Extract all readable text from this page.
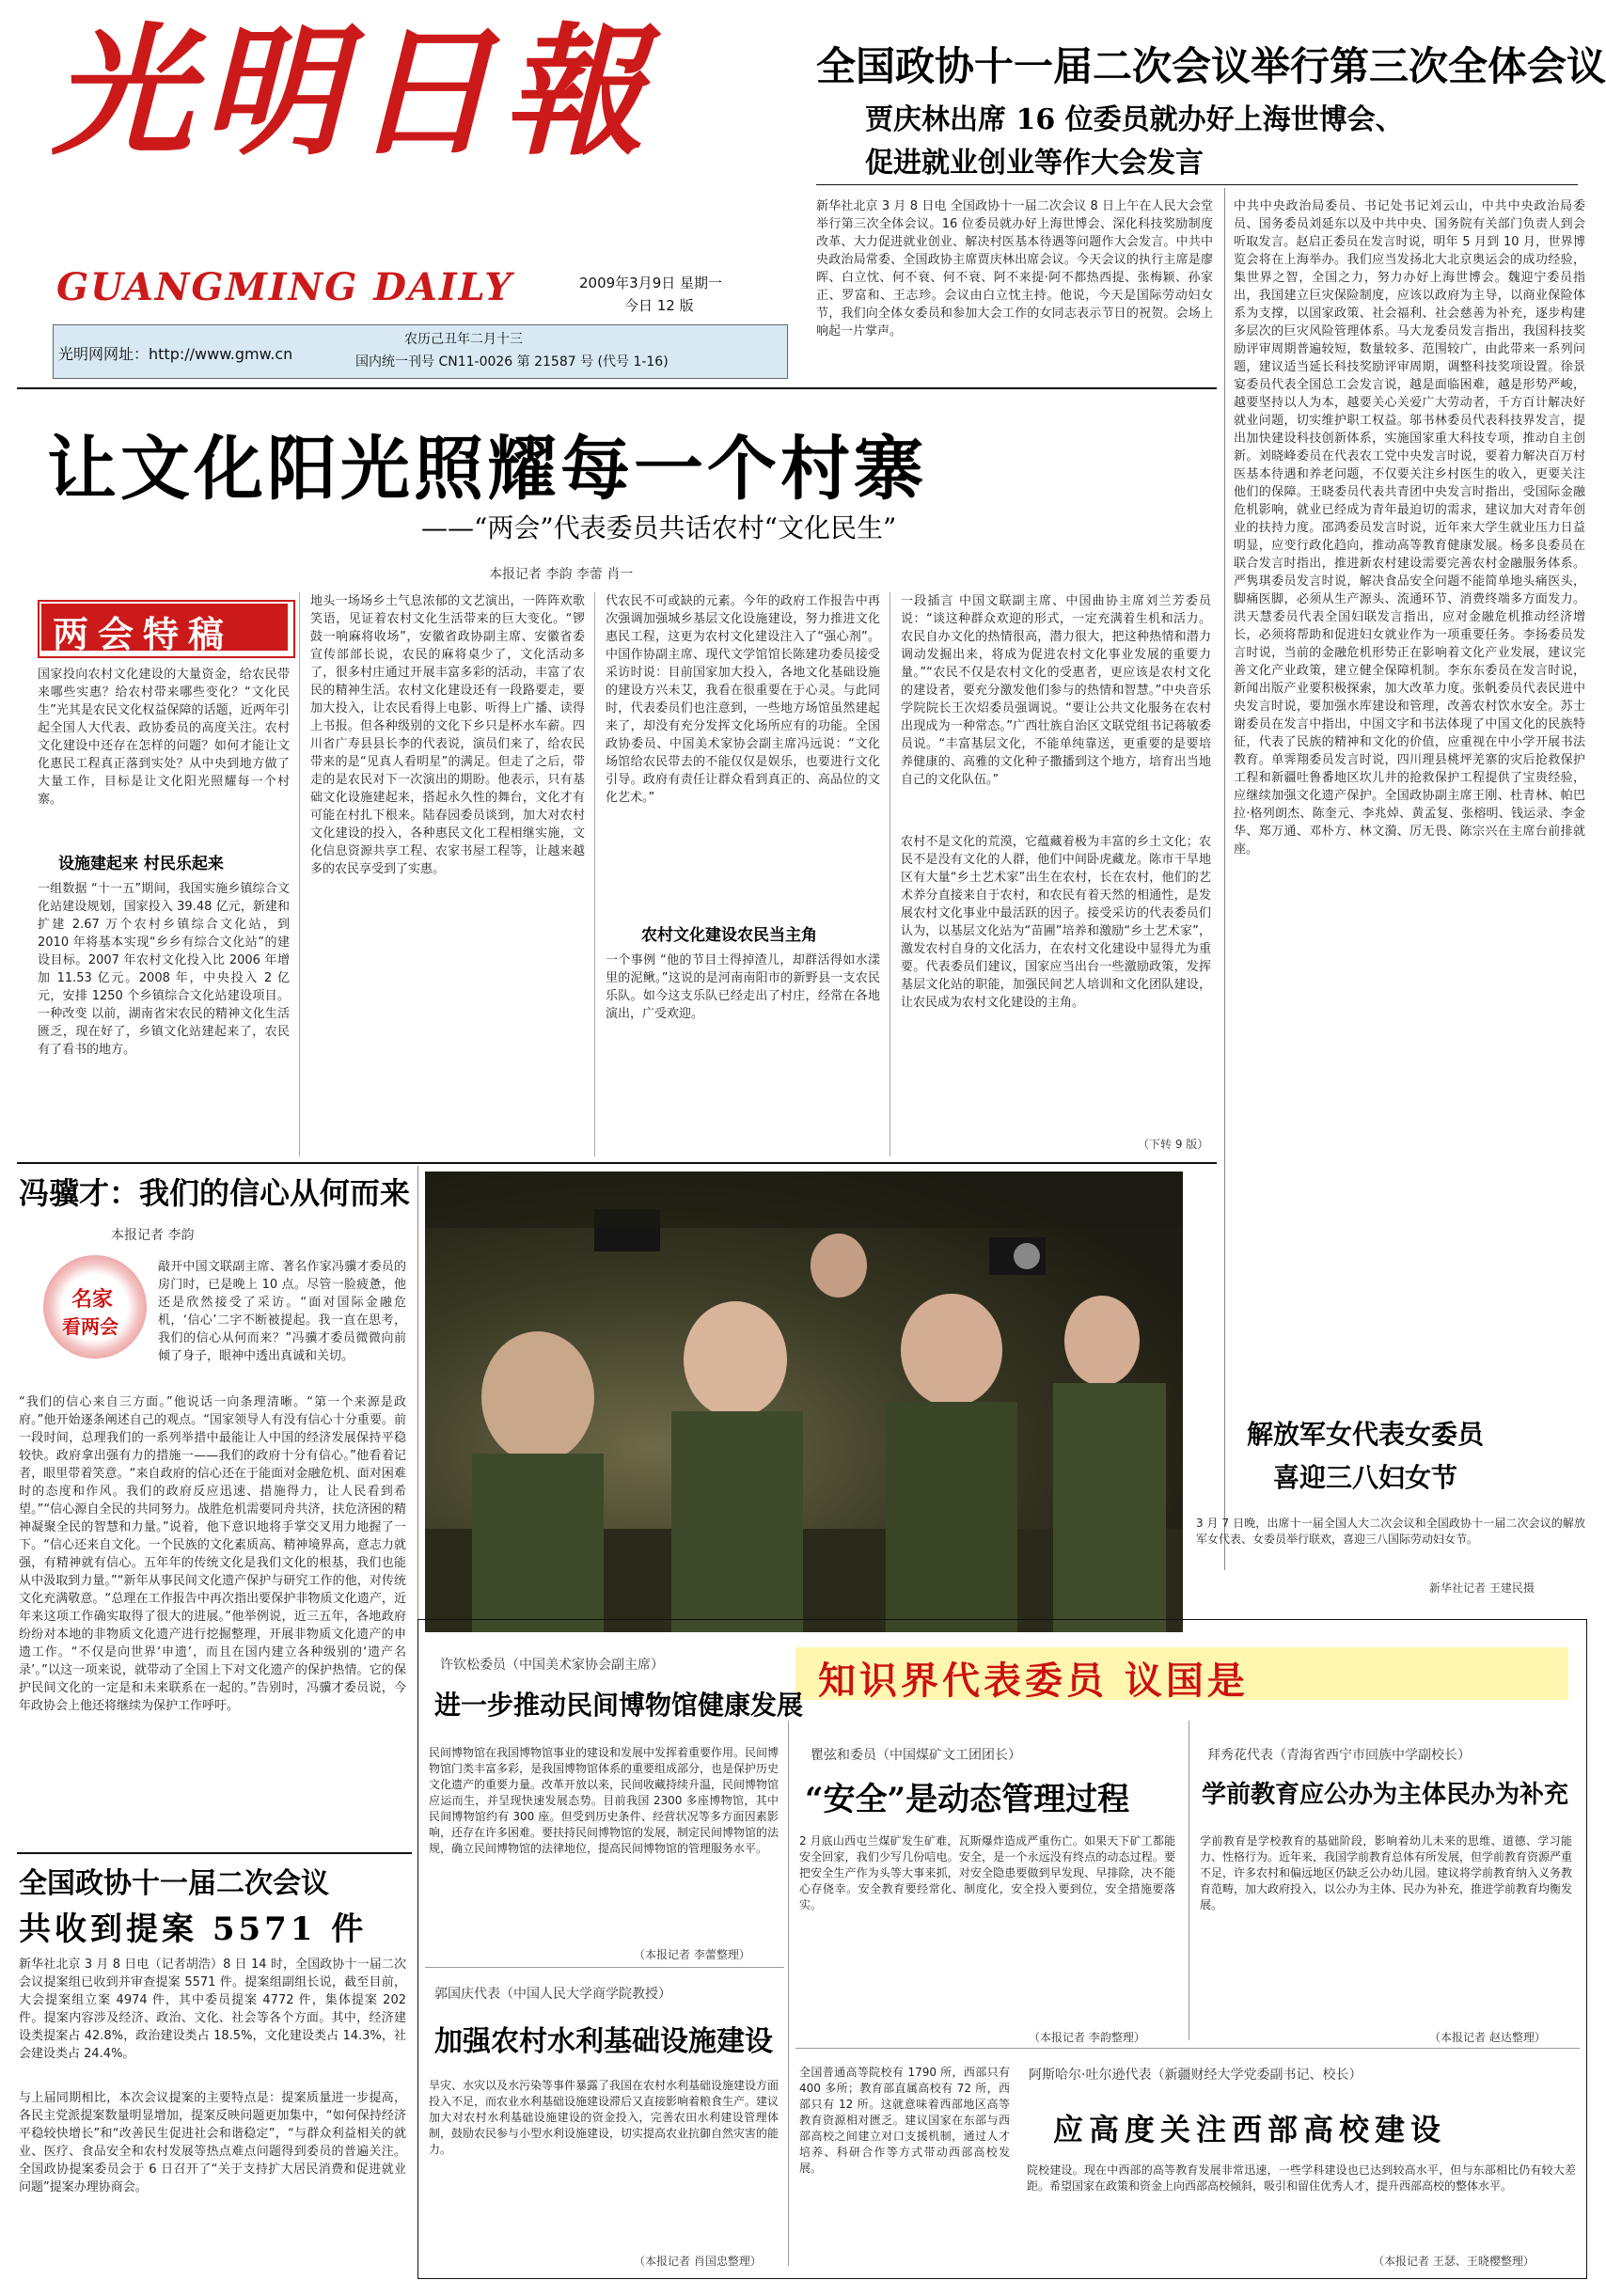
光明日報
GUANGMING DAILY	2009年3月9日 星期一
今日 12 版
光明网网址：http://www.gmw.cn
农历己丑年二月十三
国内统一刊号 CN11-0026 第 21587 号 (代号 1-16)
全国政协十一届二次会议举行第三次全体会议
贾庆林出席 16 位委员就办好上海世博会、
促进就业创业等作大会发言
新华社北京 3 月 8 日电 全国政协十一届二次会议 8 日上午在人民大会堂举行第三次全体会议。16 位委员就办好上海世博会、深化科技奖励制度改革、大力促进就业创业、解决村医基本待遇等问题作大会发言。中共中央政治局常委、全国政协主席贾庆林出席会议。今天会议的执行主席是廖晖、白立忱、何不衰、何不衰、阿不来提·阿不都热西提、张梅颖、孙家正、罗富和、王志珍。会议由白立忱主持。他说，今天是国际劳动妇女节，我们向全体女委员和参加大会工作的女同志表示节日的祝贺。会场上响起一片掌声。
中共中央政治局委员、书记处书记刘云山，中共中央政治局委员、国务委员刘延东以及中共中央、国务院有关部门负责人到会听取发言。赵启正委员在发言时说，明年 5 月到 10 月，世界博览会将在上海举办。我们应当发扬北大北京奥运会的成功经验，集世界之智，全国之力，努力办好上海世博会。魏迎宁委员指出，我国建立巨灾保险制度，应该以政府为主导，以商业保险体系为支撑，以国家政策、社会福利、社会慈善为补充，逐步构建多层次的巨灾风险管理体系。马大龙委员发言指出，我国科技奖励评审周期普遍较短，数量较多、范围较广，由此带来一系列问题，建议适当延长科技奖励评审周期，调整科技奖项设置。徐景宴委员代表全国总工会发言说，越是面临困难，越是形势严峻，越要坚持以人为本，越要关心关爱广大劳动者，千方百计解决好就业问题，切实维护职工权益。邬书林委员代表科技界发言，提出加快建设科技创新体系，实施国家重大科技专项，推动自主创新。刘晓峰委员在代表农工党中央发言时说，要着力解决百万村医基本待遇和养老问题，不仅要关注乡村医生的收入，更要关注他们的保障。王晓委员代表共青团中央发言时指出，受国际金融危机影响，就业已经成为青年最迫切的需求，建议加大对青年创业的扶持力度。邵鸿委员发言时说，近年来大学生就业压力日益明显，应变行政化趋向，推动高等教育健康发展。杨多良委员在联合发言时指出，推进新农村建设需要完善农村金融服务体系。严隽琪委员发言时说，解决食品安全问题不能简单地头痛医头，脚痛医脚，必须从生产源头、流通环节、消费终端多方面发力。洪天慧委员代表全国妇联发言指出，应对金融危机推动经济增长，必须将帮助和促进妇女就业作为一项重要任务。李扬委员发言时说，当前的金融危机形势正在影响着文化产业发展，建议完善文化产业政策，建立健全保障机制。李东东委员在发言时说，新闻出版产业要积极探索，加大改革力度。张帆委员代表民进中央发言时说，要加强水库建设和管理，改善农村饮水安全。苏士谢委员在发言中指出，中国文字和书法体现了中国文化的民族特征，代表了民族的精神和文化的价值，应重视在中小学开展书法教育。单霁翔委员发言时说，四川理县桃坪羌寨的灾后抢救保护工程和新疆吐鲁番地区坎儿井的抢救保护工程提供了宝贵经验，应继续加强文化遗产保护。全国政协副主席王刚、杜青林、帕巴拉·格列朗杰、陈奎元、李兆焯、黄孟复、张榕明、钱运录、李金华、郑万通、邓朴方、林文漪、厉无畏、陈宗兴在主席台前排就座。
让文化阳光照耀每一个村寨
——“两会”代表委员共话农村“文化民生”
本报记者 李韵 李蕾 肖一
两会特稿
国家投向农村文化建设的大量资金，给农民带来哪些实惠？给农村带来哪些变化？“文化民生”光其是农民文化权益保障的话题，近两年引起全国人大代表、政协委员的高度关注。农村文化建设中还存在怎样的问题？如何才能让文化惠民工程真正落到实处？从中央到地方做了大量工作，目标是让文化阳光照耀每一个村寨。
设施建起来 村民乐起来
一组数据 “十一五”期间，我国实施乡镇综合文化站建设规划，国家投入 39.48 亿元，新建和扩建 2.67 万个农村乡镇综合文化站，到 2010 年将基本实现“乡乡有综合文化站”的建设目标。2007 年农村文化投入比 2006 年增加 11.53 亿元。2008 年，中央投入 2 亿元，安排 1250 个乡镇综合文化站建设项目。一种改变 以前，湖南省宋农民的精神文化生活匮乏，现在好了，乡镇文化站建起来了，农民有了看书的地方。
地头一场场乡土气息浓郁的文艺演出，一阵阵欢歌笑语，见证着农村文化生活带来的巨大变化。“锣鼓一响麻将收场”，安徽省政协副主席、安徽省委宣传部部长说，农民的麻将桌少了，文化活动多了，很多村庄通过开展丰富多彩的活动，丰富了农民的精神生活。农村文化建设还有一段路要走，要加大投入，让农民看得上电影、听得上广播、读得上书报。但各种级别的文化下乡只是杯水车薪。四川省广寿县县长李的代表说，演员们来了，给农民带来的是“见真人看明星”的满足。但走了之后，带走的是农民对下一次演出的期盼。他表示，只有基础文化设施建起来，搭起永久性的舞台，文化才有可能在村扎下根来。陆春园委员谈到，加大对农村文化建设的投入，各种惠民文化工程相继实施，文化信息资源共享工程、农家书屋工程等，让越来越多的农民享受到了实惠。
代农民不可或缺的元素。今年的政府工作报告中再次强调加强城乡基层文化设施建设，努力推进文化惠民工程，这更为农村文化建设注入了“强心剂”。中国作协副主席、现代文学馆馆长陈建功委员接受采访时说：目前国家加大投入，各地文化基础设施的建设方兴未艾，我看在很重要在于心灵。与此同时，代表委员们也注意到，一些地方场馆虽然建起来了，却没有充分发挥文化场所应有的功能。全国政协委员、中国美术家协会副主席冯远说：“文化场馆给农民带去的不能仅仅是娱乐，也要进行文化引导。政府有责任让群众看到真正的、高品位的文化艺术。”
农村文化建设农民当主角
一个事例 “他的节目土得掉渣儿，却群活得如水漾里的泥鳅。”这说的是河南南阳市的新野县一支农民乐队。如今这支乐队已经走出了村庄，经常在各地演出，广受欢迎。
一段插言 中国文联副主席、中国曲协主席刘兰芳委员说：“谈这种群众欢迎的形式，一定充满着生机和活力。农民自办文化的热情很高，潜力很大，把这种热情和潜力调动发掘出来，将成为促进农村文化事业发展的重要力量。”“农民不仅是农村文化的受惠者，更应该是农村文化的建设者，要充分激发他们参与的热情和智慧。”中央音乐学院院长王次炤委员强调说。“要让公共文化服务在农村出现成为一种常态。”广西壮族自治区文联党组书记蒋敏委员说。“丰富基层文化，不能单纯靠送，更重要的是要培养健康的、高雅的文化种子撒播到这个地方，培育出当地自己的文化队伍。”
农村不是文化的荒漠，它蕴藏着极为丰富的乡土文化；农民不是没有文化的人群，他们中间卧虎藏龙。陈市干旱地区有大量“乡土艺术家”出生在农村，长在农村，他们的艺术养分直接来自于农村，和农民有着天然的相通性，是发展农村文化事业中最活跃的因子。接受采访的代表委员们认为，以基层文化站为“苗圃”培养和激励“乡土艺术家”，激发农村自身的文化活力，在农村文化建设中显得尤为重要。代表委员们建议，国家应当出台一些激励政策，发挥基层文化站的职能，加强民间艺人培训和文化团队建设，让农民成为农村文化建设的主角。
（下转 9 版）
冯骥才：我们的信心从何而来
本报记者 李韵
名家
看两会
敲开中国文联副主席、著名作家冯骥才委员的房门时，已是晚上 10 点。尽管一脸疲惫，他还是欣然接受了采访。“面对国际金融危机，‘信心’二字不断被提起。我一直在思考，我们的信心从何而来？”冯骥才委员微微向前倾了身子，眼神中透出真诚和关切。
“我们的信心来自三方面。”他说话一向条理清晰。“第一个来源是政府。”他开始逐条阐述自己的观点。“国家领导人有没有信心十分重要。前一段时间，总理我们的一系列举措中最能让人中国的经济发展保持平稳较快。政府拿出强有力的措施一——我们的政府十分有信心。”他看着记者，眼里带着笑意。“来自政府的信心还在于能面对金融危机、面对困难时的态度和作风。我们的政府反应迅速、措施得力，让人民看到希望。”“信心源自全民的共同努力。战胜危机需要同舟共济，扶危济困的精神凝聚全民的智慧和力量。”说着，他下意识地将手掌交叉用力地握了一下。“信心还来自文化。一个民族的文化素质高、精神境界高，意志力就强，有精神就有信心。五年年的传统文化是我们文化的根基，我们也能从中汲取到力量。”“新年从事民间文化遗产保护与研究工作的他，对传统文化充满敬意。“总理在工作报告中再次指出要保护非物质文化遗产，近年来这项工作确实取得了很大的进展。”他举例说，近三五年，各地政府纷纷对本地的非物质文化遗产进行挖掘整理，开展非物质文化遗产的申遗工作。“不仅是向世界‘申遗’，而且在国内建立各种级别的‘遗产名录’。”以这一项来说，就带动了全国上下对文化遗产的保护热情。它的保护民间文化的一定是和未来联系在一起的。”告别时，冯骥才委员说，今年政协会上他还将继续为保护工作呼吁。
解放军女代表女委员
喜迎三八妇女节
3 月 7 日晚，出席十一届全国人大二次会议和全国政协十一届二次会议的解放军女代表、女委员举行联欢，喜迎三八国际劳动妇女节。
新华社记者 王建民摄
全国政协十一届二次会议
共收到提案 5571 件
新华社北京 3 月 8 日电（记者胡浩）8 日 14 时，全国政协十一届二次会议提案组已收到并审查提案 5571 件。提案组副组长说，截至目前，大会提案组立案 4974 件，其中委员提案 4772 件，集体提案 202 件。提案内容涉及经济、政治、文化、社会等各个方面。其中，经济建设类提案占 42.8%，政治建设类占 18.5%，文化建设类占 14.3%，社会建设类占 24.4%。
与上届同期相比，本次会议提案的主要特点是：提案质量进一步提高，各民主党派提案数量明显增加，提案反映问题更加集中，“如何保持经济平稳较快增长”和“改善民生促进社会和谐稳定”，“与群众利益相关的就业、医疗、食品安全和农村发展等热点难点问题得到委员的普遍关注。全国政协提案委员会于 6 日召开了“关于支持扩大居民消费和促进就业问题”提案办理协商会。
知识界代表委员 议国是
许钦松委员（中国美术家协会副主席）
进一步推动民间博物馆健康发展
民间博物馆在我国博物馆事业的建设和发展中发挥着重要作用。民间博物馆门类丰富多彩，是我国博物馆体系的重要组成部分，也是保护历史文化遗产的重要力量。改革开放以来，民间收藏持续升温，民间博物馆应运而生，并呈现快速发展态势。目前我国 2300 多座博物馆，其中民间博物馆约有 300 座。但受到历史条件、经营状况等多方面因素影响，还存在许多困难。要扶持民间博物馆的发展，制定民间博物馆的法规，确立民间博物馆的法律地位，提高民间博物馆的管理服务水平。
（本报记者 李蕾整理）
瞿弦和委员（中国煤矿文工团团长）
“安全”是动态管理过程
2 月底山西屯兰煤矿发生矿难，瓦斯爆炸造成严重伤亡。如果天下矿工都能安全回家，我们少写几份唁电。安全，是一个永远没有终点的动态过程。要把安全生产作为头等大事来抓，对安全隐患要做到早发现、早排除，决不能心存侥幸。安全教育要经常化、制度化，安全投入要到位，安全措施要落实。
（本报记者 李韵整理）
拜秀花代表（青海省西宁市回族中学副校长）
学前教育应公办为主体民办为补充
学前教育是学校教育的基础阶段，影响着幼儿未来的思维、道德、学习能力、性格行为。近年来，我国学前教育总体有所发展，但学前教育资源严重不足，许多农村和偏远地区仍缺乏公办幼儿园。建议将学前教育纳入义务教育范畴，加大政府投入，以公办为主体、民办为补充，推进学前教育均衡发展。
（本报记者 赵达整理）
郭国庆代表（中国人民大学商学院教授）
加强农村水利基础设施建设
旱灾、水灾以及水污染等事件暴露了我国在农村水利基础设施建设方面投入不足，而农业水利基础设施建设滞后又直接影响着粮食生产。建议加大对农村水利基础设施建设的资金投入，完善农田水利建设管理体制，鼓励农民参与小型水利设施建设，切实提高农业抗御自然灾害的能力。
（本报记者 肖国忠整理）
全国普通高等院校有 1790 所，西部只有 400 多所；教育部直属高校有 72 所，西部只有 12 所。这就意味着西部地区高等教育资源相对匮乏。建议国家在东部与西部高校之间建立对口支援机制，通过人才培养、科研合作等方式带动西部高校发展。
阿斯哈尔·吐尔逊代表（新疆财经大学党委副书记、校长）
应高度关注西部高校建设
院校建设。现在中西部的高等教育发展非常迅速，一些学科建设也已达到较高水平，但与东部相比仍有较大差距。希望国家在政策和资金上向西部高校倾斜，吸引和留住优秀人才，提升西部高校的整体水平。
（本报记者 王瑟、王晓樱整理）
